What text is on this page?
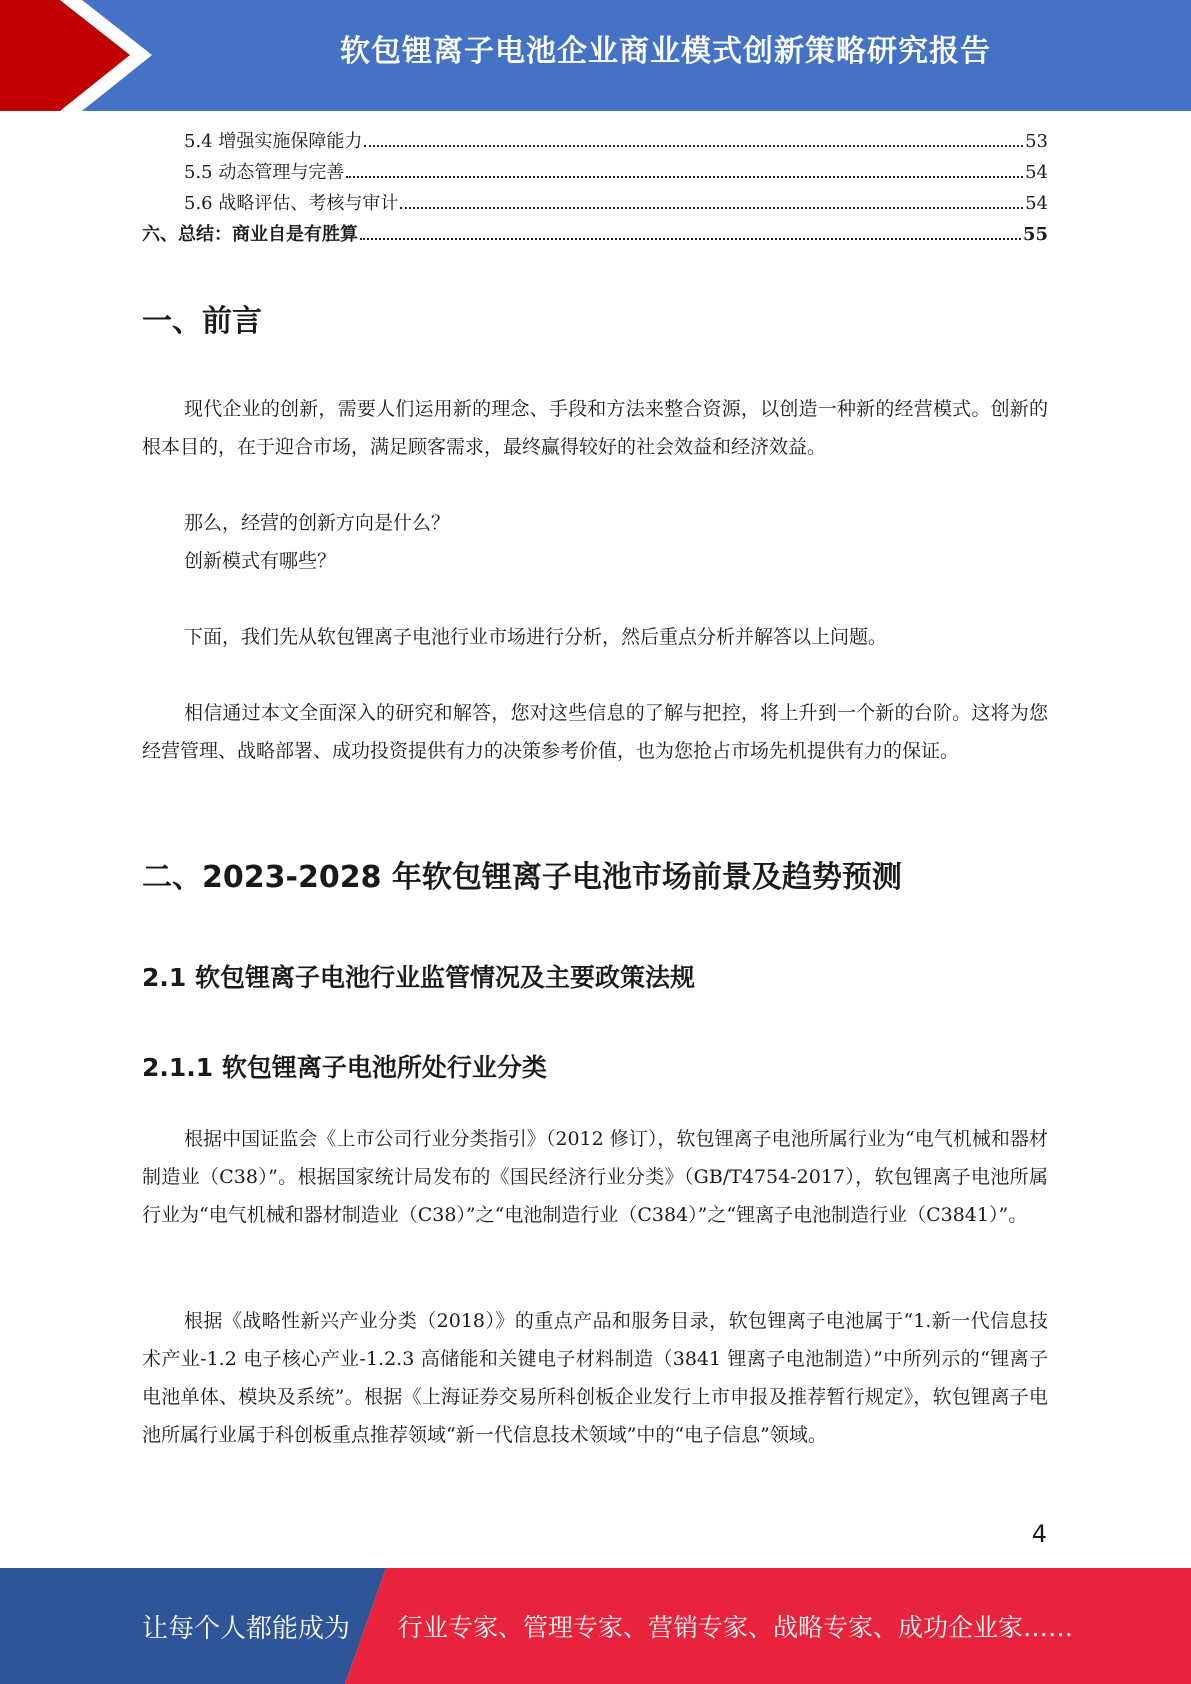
软包锂离子电池企业商业模式创新策略研究报告
5.4 增强实施保障能力	53
5.5 动态管理与完善	54
5.6 战略评估、考核与审计	54
六、总结：商业自是有胜算	55
一、前言

现代企业的创新，需要人们运用新的理念、手段和方法来整合资源，以创造一种新的经营模式。创新的根本目的，在于迎合市场，满足顾客需求，最终赢得较好的社会效益和经济效益。

那么，经营的创新方向是什么？

创新模式有哪些？

下面，我们先从软包锂离子电池行业市场进行分析，然后重点分析并解答以上问题。

相信通过本文全面深入的研究和解答，您对这些信息的了解与把控，将上升到一个新的台阶。这将为您经营管理、战略部署、成功投资提供有力的决策参考价值，也为您抢占市场先机提供有力的保证。

二、2023-2028 年软包锂离子电池市场前景及趋势预测
2.1 软包锂离子电池行业监管情况及主要政策法规
2.1.1 软包锂离子电池所处行业分类

根据中国证监会《上市公司行业分类指引》（2012 修订），软包锂离子电池所属行业为“电气机械和器材制造业（C38）”。根据国家统计局发布的《国民经济行业分类》（GB/T4754-2017），软包锂离子电池所属行业为“电气机械和器材制造业（C38）”之“电池制造行业（C384）”之“锂离子电池制造行业（C3841）”。

根据《战略性新兴产业分类（2018）》的重点产品和服务目录，软包锂离子电池属于“1.新一代信息技术产业-1.2 电子核心产业-1.2.3 高储能和关键电子材料制造（3841 锂离子电池制造）”中所列示的“锂离子电池单体、模块及系统”。根据《上海证券交易所科创板企业发行上市申报及推荐暂行规定》，软包锂离子电池所属行业属于科创板重点推荐领域“新一代信息技术领域”中的“电子信息”领域。

4
让每个人都能成为 行业专家、管理专家、营销专家、战略专家、成功企业家……
